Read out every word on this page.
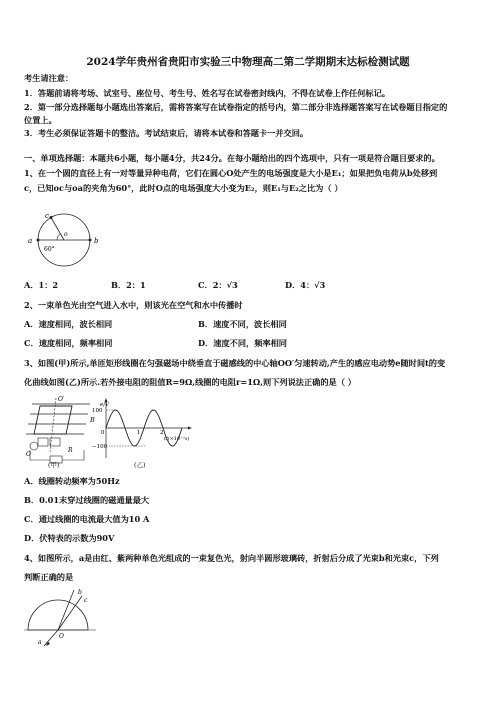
2024学年贵州省贵阳市实验三中物理高二第二学期期末达标检测试题
考生请注意：
1．答题前请将考场、试室号、座位号、考生号、姓名写在试卷密封线内，不得在试卷上作任何标记。
2．第一部分选择题每小题选出答案后，需将答案写在试卷指定的括号内，第二部分非选择题答案写在试卷题目指定的
位置上。
3．考生必须保证答题卡的整洁。考试结束后，请将本试卷和答题卡一并交回。
一、单项选择题：本题共6小题，每小题4分，共24分。在每小题给出的四个选项中，只有一项是符合题目要求的。
1、在一个圆的直径上有一对等量异种电荷，它们在圆心O处产生的电场强度是大小是E₁；如果把负电荷从b处移到
c，已知oc与oa的夹角为60°，此时O点的电场强度大小变为E₂，则E₁与E₂之比为（ ）
a	b
c
o
60°
A．1：2	B．2：1	C．2：√3	D．4：√3
2、一束单色光由空气进入水中，则该光在空气和水中传播时
A．速度相同，波长相同	B．速度不同，波长相同
C．速度相同，频率相同	D．速度不同，频率相同
3、如图(甲)所示,单匝矩形线圈在匀强磁场中绕垂直于磁感线的中心轴OO′匀速转动,产生的感应电动势e随时间t的变
化曲线如图(乙)所示.若外接电阻的阻值R=9Ω,线圈的电阻r=1Ω,则下列说法正确的是（ ）
O′
O
B
R
(甲)
e/V
100
−100
0	1	2
t/(×10⁻²s)
(乙)
A．线圈转动频率为50Hz
B．0.01末穿过线圈的磁通量最大
C．通过线圈的电流最大值为10 A
D．伏特表的示数为90V
4、如图所示，a是由红、紫两种单色光组成的一束复色光，射向半圆形玻璃砖，折射后分成了光束b和光束c，下列
判断正确的是
b
c
a
O
